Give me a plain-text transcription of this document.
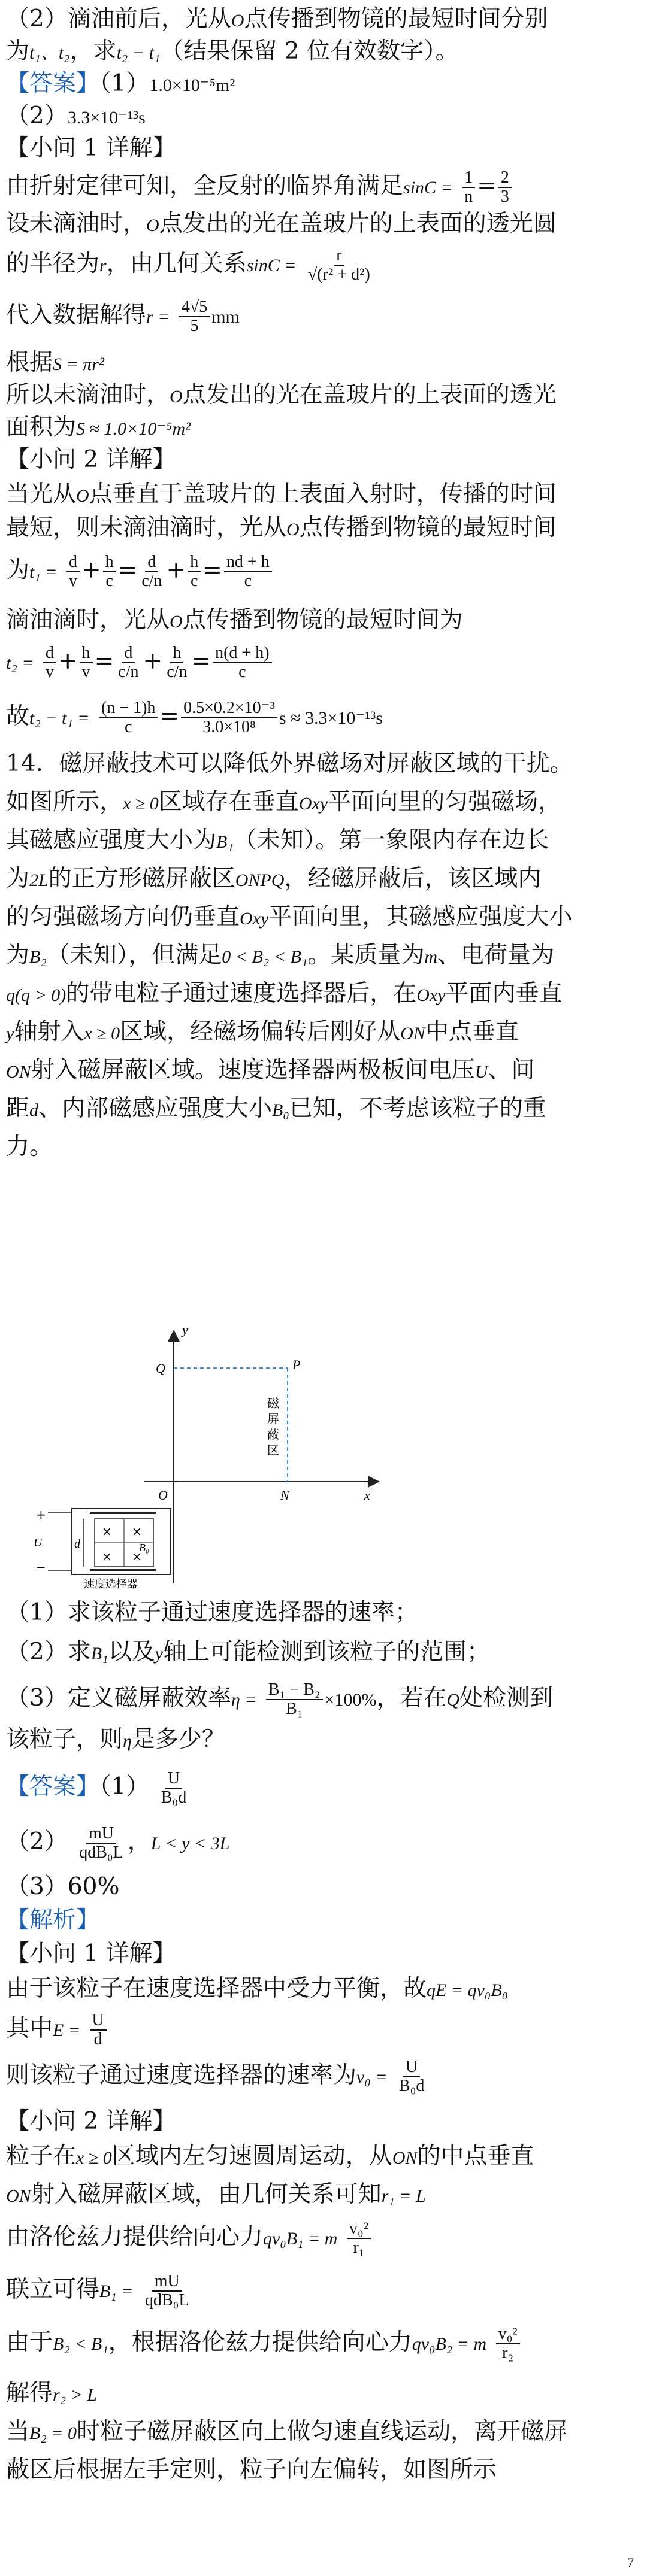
（2）滴油前后，光从O点传播到物镜的最短时间分别
为t₁、t₂，求t₂ − t₁（结果保留 2 位有效数字）。
【答案】（1）1.0×10⁻⁵m²
（2）3.3×10⁻¹³s
【小问 1 详解】
由折射定律可知，全反射的临界角满足$\sin C = \frac{1}{n} = \frac{2}{3}$
设未滴油时，O点发出的光在盖玻片的上表面的透光圆
的半径为r，由几何关系$\sin C = \frac{r}{\text{√(r² + d²)}}$
代入数据解得$r = \frac{4√5}{5}$ mm
根据S = πr²
所以未滴油时，O点发出的光在盖玻片的上表面的透光
面积为S ≈ 1.0×10⁻⁵m²
【小问 2 详解】
当光从O点垂直于盖玻片的上表面入射时，传播的时间
最短，则未滴油滴时，光从O点传播到物镜的最短时间
为$t_1 = \frac{d}{v} + \frac{h}{c} = \frac{d}{c/n} + \frac{h}{c} = \frac{nd + h}{c}$
滴油滴时，光从O点传播到物镜的最短时间为
$t_2 = \frac{d}{v} + \frac{h}{v} = \frac{d}{c/n} + \frac{h}{c/n} = \frac{n(d + h)}{c}$
故$t_2 - t_1 = \frac{(n - 1)h}{c} = \frac{\text{0.5×0.2×10⁻³}}{\text{3.0×10⁸}}$ s ≈ 3.3×10⁻¹³s
14．磁屏蔽技术可以降低外界磁场对屏蔽区域的干扰。
如图所示，x ≥ 0区域存在垂直Oxy平面向里的匀强磁场，
其磁感应强度大小为B₁（未知）。第一象限内存在边长
为2L的正方形磁屏蔽区ONPQ，经磁屏蔽后，该区域内
的匀强磁场方向仍垂直Oxy平面向里，其磁感应强度大小
为B₂（未知），但满足0 < B₂ < B₁。某质量为m、电荷量为
q(q > 0)的带电粒子通过速度选择器后，在Oxy平面内垂直
y轴射入x ≥ 0区域，经磁场偏转后刚好从ON中点垂直
ON射入磁屏蔽区域。速度选择器两极板间电压U、间
距d、内部磁感应强度大小B₀已知，不考虑该粒子的重
力。
y
x
O
Q	P
N
磁
屏
蔽
区
× ×
× ×
B₀
d
+
−
U
速度选择器
（1）求该粒子通过速度选择器的速率；
（2）求B₁以及y轴上可能检测到该粒子的范围；
（3）定义磁屏蔽效率$\eta = \frac{\text{B₁ − B₂}}{\text{B₁}} \times 100\%$，若在Q处检测到
该粒子，则η是多少？
【答案】$(1) \frac{U}{\text{B₀d}}$
$(2) \frac{mU}{\text{qdB₀L}}$ ，L < y < 3L
（3）60%
【解析】
【小问 1 详解】
由于该粒子在速度选择器中受力平衡，故qE = qv₀B₀
其中$E = \frac{U}{d}$
则该粒子通过速度选择器的速率为$v_0 = \frac{U}{\text{B₀d}}$
【小问 2 详解】
粒子在x ≥ 0区域内左匀速圆周运动，从ON的中点垂直
ON射入磁屏蔽区域，由几何关系可知r₁ = L
由洛伦兹力提供给向心力qv₀B₁ = m $\frac{\text{v₀²}}{\text{r₁}}$
联立可得$B_1 = \frac{mU}{\text{qdB₀L}}$
由于B₂ < B₁，根据洛伦兹力提供给向心力qv₀B₂ = m $\frac{\text{v₀²}}{\text{r₂}}$
解得r₂ > L
当B₂ = 0时粒子磁屏蔽区向上做匀速直线运动，离开磁屏
蔽区后根据左手定则，粒子向左偏转，如图所示
7
